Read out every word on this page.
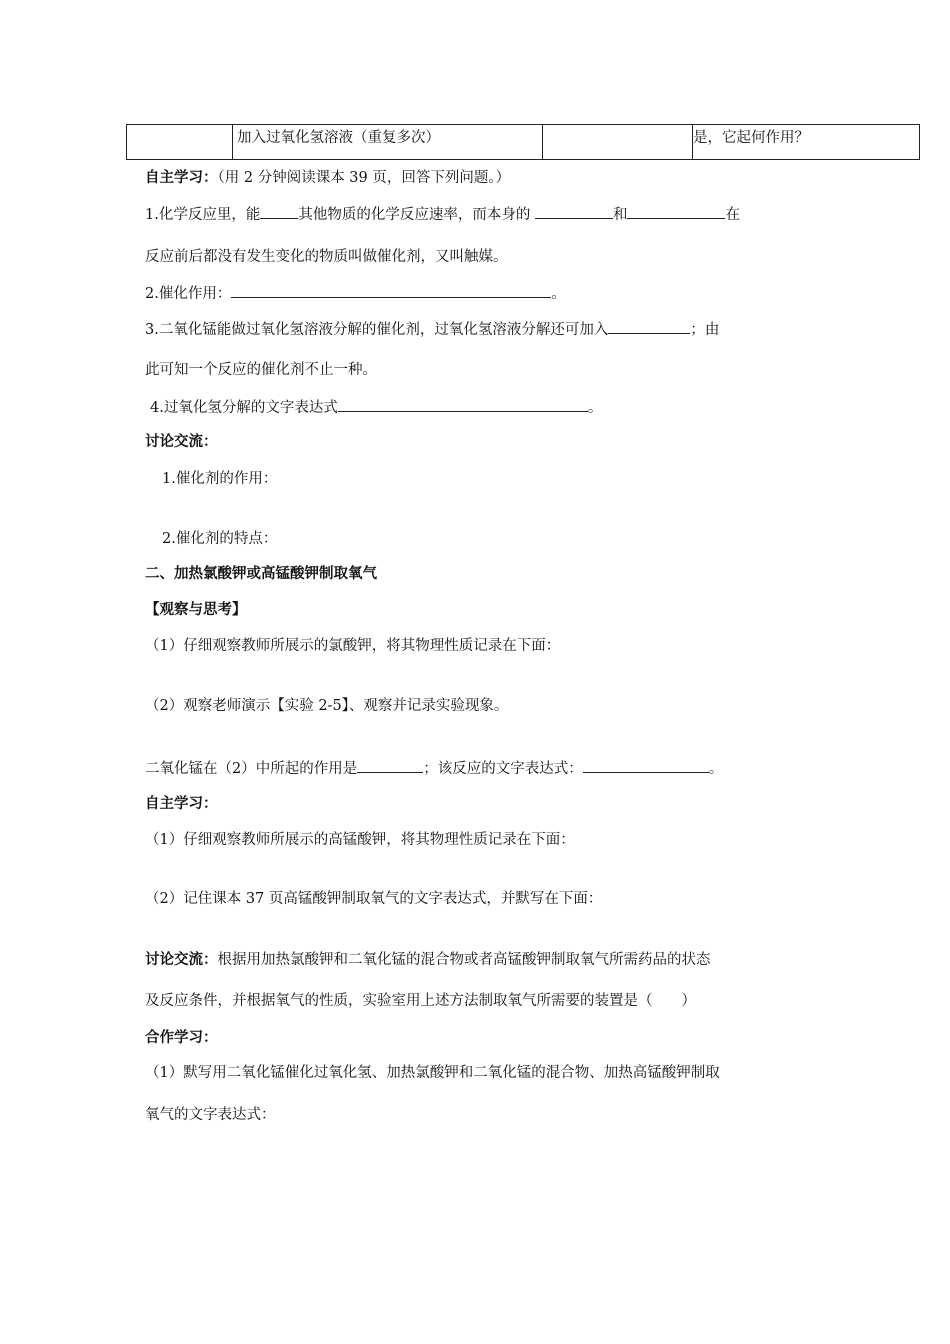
	加入过氧化氢溶液（重复多次）		是，它起何作用？
自主学习：（用 2 分钟阅读课本 39 页，回答下列问题。）
1.化学反应里，能	其他物质的化学反应速率，而本身的	和	在
反应前后都没有发生变化的物质叫做催化剂，又叫触媒。
2.催化作用：	。
3.二氧化锰能做过氧化氢溶液分解的催化剂，过氧化氢溶液分解还可加入	；由
此可知一个反应的催化剂不止一种。
4.过氧化氢分解的文字表达式	。
讨论交流：
1.催化剂的作用：
2.催化剂的特点：
二、加热氯酸钾或高锰酸钾制取氧气
【观察与思考】
（1）仔细观察教师所展示的氯酸钾，将其物理性质记录在下面：
（2）观察老师演示【实验 2-5】、观察并记录实验现象。
二氧化锰在（2）中所起的作用是	；该反应的文字表达式：	。
自主学习：
（1）仔细观察教师所展示的高锰酸钾，将其物理性质记录在下面：
（2）记住课本 37 页高锰酸钾制取氧气的文字表达式，并默写在下面：
讨论交流：根据用加热氯酸钾和二氧化锰的混合物或者高锰酸钾制取氧气所需药品的状态
及反应条件，并根据氧气的性质，实验室用上述方法制取氧气所需要的装置是（　　）
合作学习：
（1）默写用二氧化锰催化过氧化氢、加热氯酸钾和二氧化锰的混合物、加热高锰酸钾制取
氧气的文字表达式：
